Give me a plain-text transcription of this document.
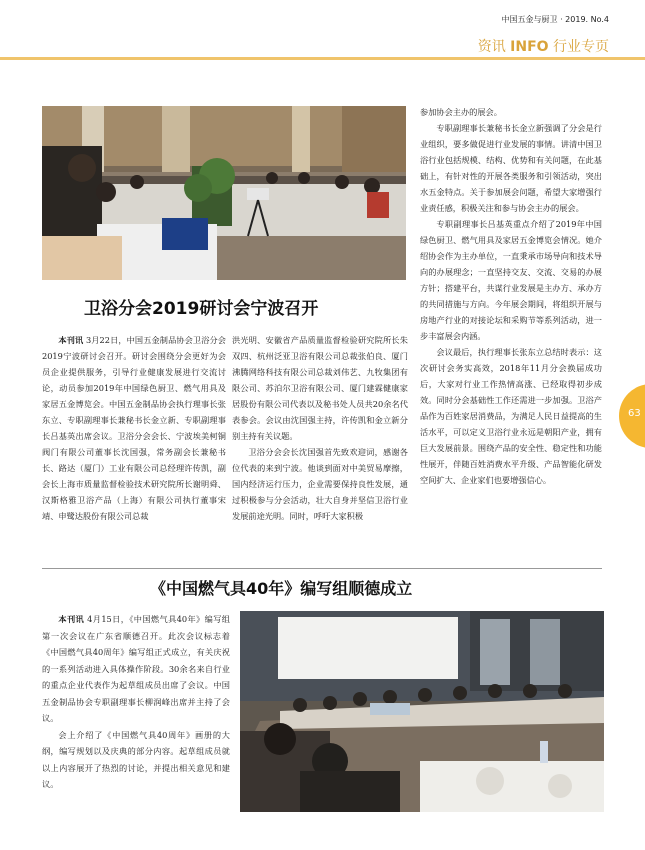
中国五金与厨卫 · 2019. No.4
资讯 INFO 行业专页
63
卫浴分会2019研讨会宁波召开

本刊讯 3月22日，中国五金制品协会卫浴分会2019宁波研讨会召开。研讨会围绕分会更好为会员企业提供服务，引导行业健康发展进行交流讨论，动员参加2019年中国绿色厨卫、燃气用具及家居五金博览会。中国五金制品协会执行理事长张东立、专职副理事长兼秘书长金立新、专职副理事长吕基英出席会议。卫浴分会会长、宁波埃美柯铜阀门有限公司董事长沈国强，常务副会长兼秘书长、路达（厦门）工业有限公司总经理许传凯，副会长上海市质量监督检验技术研究院所长谢明舜、汉斯格雅卫浴产品（上海）有限公司执行董事宋靖、申鹭达股份有限公司总裁

洪光明、安徽省产品质量监督检验研究院所长朱双四、杭州泛亚卫浴有限公司总裁张伯良、厦门沸腾网络科技有限公司总裁刘伟艺、九牧集团有限公司、苏泊尔卫浴有限公司、厦门建霖健康家居股份有限公司代表以及秘书处人员共20余名代表参会。会议由沈国强主持，许传凯和金立新分别主持有关议题。

卫浴分会会长沈国强首先致欢迎词，感谢各位代表的来到宁波。他谈到面对中美贸易摩擦，国内经济运行压力，企业需要保持良性发展，通过积极参与分会活动，壮大自身并坚信卫浴行业发展前途光明。同时，呼吁大家积极

参加协会主办的展会。

专职副理事长兼秘书长金立新强调了分会是行业组织，要多做促进行业发展的事情。讲清中国卫浴行业包括规模、结构、优势和有关问题，在此基础上，有针对性的开展各类服务和引领活动，突出水五金特点。关于参加展会问题，希望大家增强行业责任感，积极关注和参与协会主办的展会。

专职副理事长吕基英重点介绍了2019年中国绿色厨卫、燃气用具及家居五金博览会情况。她介绍协会作为主办单位，一直秉承市场导向和技术导向的办展理念；一直坚持交友、交流、交易的办展方针；搭建平台，共谋行业发展是主办方、承办方的共同措施与方向。今年展会期间，将组织开展与房地产行业的对接论坛和采购节等系列活动，进一步丰富展会内涵。

会议最后，执行理事长张东立总结时表示：这次研讨会务实高效，2018年11月分会换届成功后，大家对行业工作热情高涨、已经取得初步成效。同时分会基础性工作还需进一步加强。卫浴产品作为百姓家居消费品，为满足人民日益提高的生活水平，可以定义卫浴行业永远是朝阳产业，拥有巨大发展前景。围绕产品的安全性、稳定性和功能性展开，伴随百姓消费水平升级、产品智能化研发空间扩大、企业家们也要增强信心。

《中国燃气具40年》编写组顺德成立

本刊讯 4月15日，《中国燃气具40年》编写组第一次会议在广东省顺德召开。此次会议标志着《中国燃气具40周年》编写组正式成立，有关庆祝的一系列活动进入具体操作阶段。30余名来自行业的重点企业代表作为起草组成员出席了会议。中国五金制品协会专职副理事长柳润峰出席并主持了会议。

会上介绍了《中国燃气具40周年》画册的大纲，编写规划以及庆典的部分内容。起草组成员就以上内容展开了热烈的讨论，并提出相关意见和建议。
